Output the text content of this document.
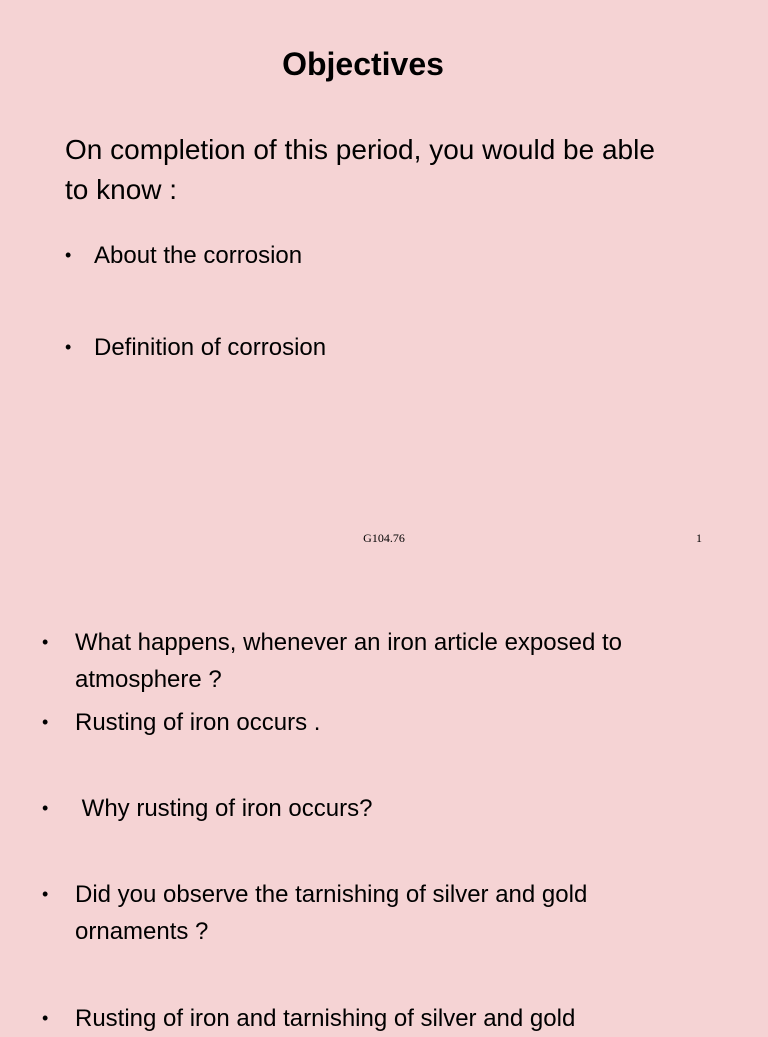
Objectives
On completion of this period, you would be able to know :
• About the corrosion
• Definition of corrosion
G104.76	1
• What happens, whenever an iron article exposed to atmosphere ?
• Rusting of iron occurs .
• Why rusting of iron occurs?
• Did you observe the tarnishing of silver and gold ornaments ?
• Rusting of iron and tarnishing of silver and gold
